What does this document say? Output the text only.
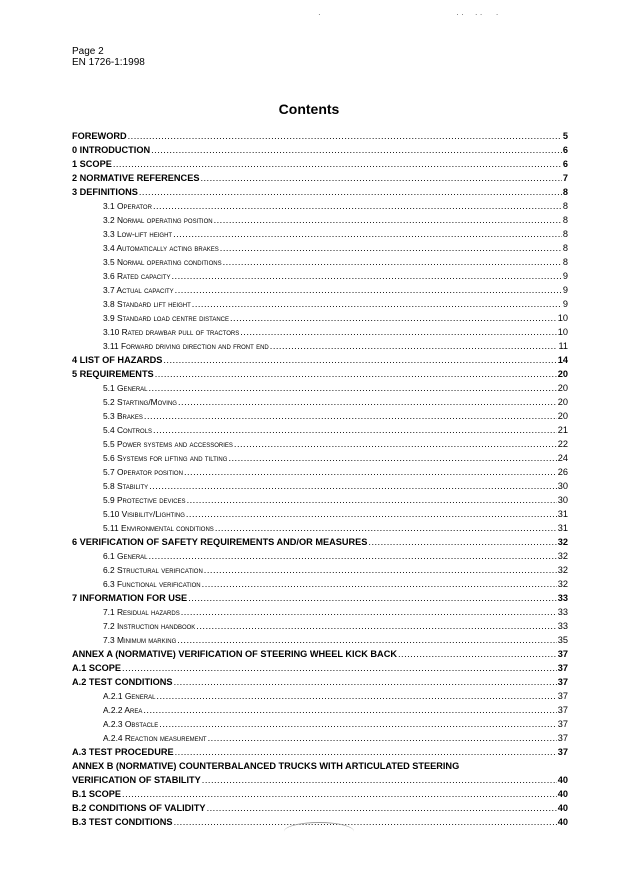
·                                                             · ·     · ·      ·
Page 2
EN 1726-1:1998
Contents
FOREWORD .....	5
0 INTRODUCTION .....	6
1 SCOPE .....	6
2 NORMATIVE REFERENCES .....	7
3 DEFINITIONS .....	8
3.1 Operator .....	8
3.2 Normal operating position .....	8
3.3 Low-lift height .....	8
3.4 Automatically acting brakes .....	8
3.5 Normal operating conditions .....	8
3.6 Rated capacity .....	9
3.7 Actual capacity .....	9
3.8 Standard lift height .....	9
3.9 Standard load centre distance .....	10
3.10 Rated drawbar pull of tractors .....	10
3.11 Forward driving direction and front end .....	11
4 LIST OF HAZARDS .....	14
5 REQUIREMENTS .....	20
5.1 General .....	20
5.2 Starting/Moving .....	20
5.3 Brakes .....	20
5.4 Controls .....	21
5.5 Power systems and accessories .....	22
5.6 Systems for lifting and tilting .....	24
5.7 Operator position .....	26
5.8 Stability .....	30
5.9 Protective devices .....	30
5.10 Visibility/Lighting .....	31
5.11 Environmental conditions .....	31
6 VERIFICATION OF SAFETY REQUIREMENTS AND/OR MEASURES .....	32
6.1 General .....	32
6.2 Structural verification .....	32
6.3 Functional verification .....	32
7 INFORMATION FOR USE .....	33
7.1 Residual hazards .....	33
7.2 Instruction handbook .....	33
7.3 Minimum marking .....	35
ANNEX A (NORMATIVE) VERIFICATION OF STEERING WHEEL KICK BACK .....	37
A.1 SCOPE .....	37
A.2 TEST CONDITIONS .....	37
A.2.1 General .....	37
A.2.2 Area .....	37
A.2.3 Obstacle .....	37
A.2.4 Reaction measurement .....	37
A.3 TEST PROCEDURE .....	37
ANNEX B (NORMATIVE) COUNTERBALANCED TRUCKS WITH ARTICULATED STEERING
VERIFICATION OF STABILITY .....	40
B.1 SCOPE .....	40
B.2 CONDITIONS OF VALIDITY .....	40
B.3 TEST CONDITIONS .....	40
